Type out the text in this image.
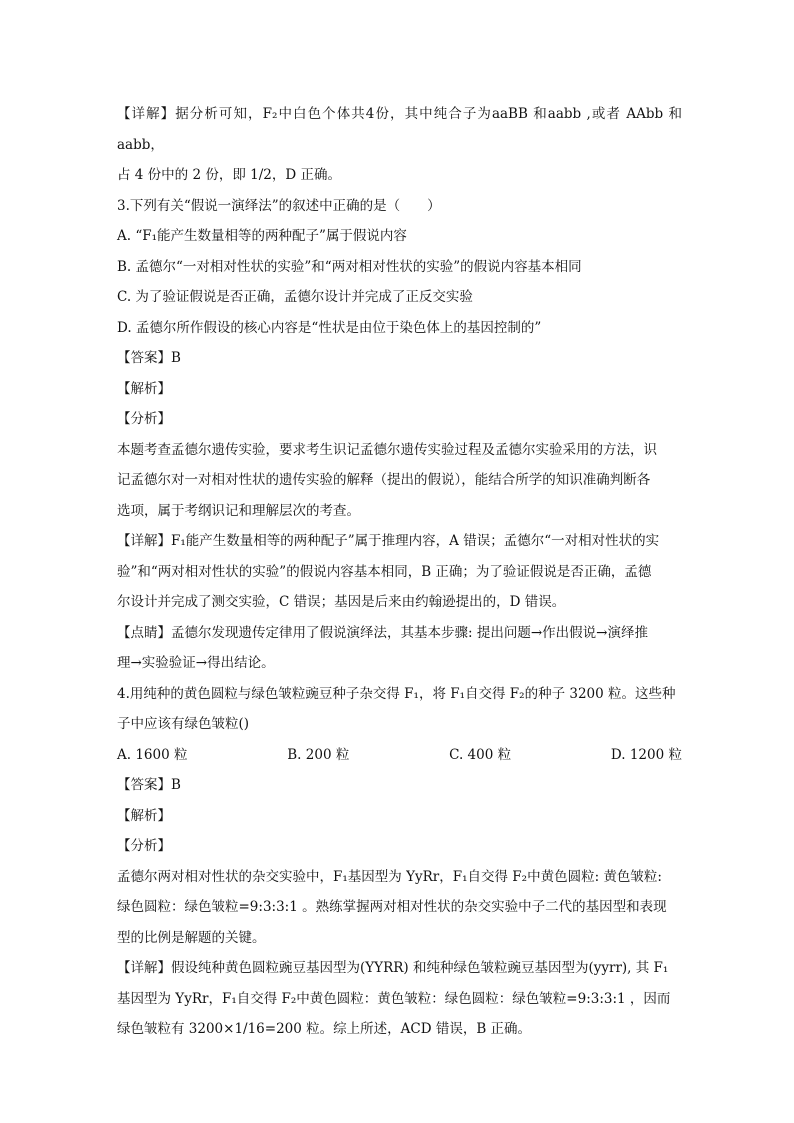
【详解】据分析可知，F₂中白色个体共4份，其中纯合子为aaBB 和aabb ,或者 AAbb 和aabb，

占 4 份中的 2 份，即 1/2，D 正确。

3.下列有关“假说一演绎法”的叙述中正确的是（　　）

A. “F₁能产生数量相等的两种配子”属于假说内容

B. 孟德尔“一对相对性状的实验”和“两对相对性状的实验”的假说内容基本相同

C. 为了验证假说是否正确，孟德尔设计并完成了正反交实验

D. 孟德尔所作假设的核心内容是“性状是由位于染色体上的基因控制的”

【答案】B

【解析】

【分析】

本题考查孟德尔遗传实验，要求考生识记孟德尔遗传实验过程及孟德尔实验采用的方法，识

记孟德尔对一对相对性状的遗传实验的解释（提出的假说），能结合所学的知识准确判断各

选项，属于考纲识记和理解层次的考查。

【详解】F₁能产生数量相等的两种配子”属于推理内容，A 错误；孟德尔“一对相对性状的实

验”和“两对相对性状的实验”的假说内容基本相同，B 正确；为了验证假说是否正确，孟德

尔设计并完成了测交实验，C 错误；基因是后来由约翰逊提出的，D 错误。

【点睛】孟德尔发现遗传定律用了假说演绎法，其基本步骤: 提出问题→作出假说→演绎推

理→实验验证→得出结论。

4.用纯种的黄色圆粒与绿色皱粒豌豆种子杂交得 F₁，将 F₁自交得 F₂的种子 3200 粒。这些种

子中应该有绿色皱粒()

A. 1600 粒	B. 200 粒	C. 400 粒	D. 1200 粒

【答案】B

【解析】

【分析】

孟德尔两对相对性状的杂交实验中，F₁基因型为 YyRr，F₁自交得 F₂中黄色圆粒: 黄色皱粒:

绿色圆粒：绿色皱粒=9:3:3:1 。熟练掌握两对相对性状的杂交实验中子二代的基因型和表现

型的比例是解题的关键。

【详解】假设纯种黄色圆粒豌豆基因型为(YYRR) 和纯种绿色皱粒豌豆基因型为(yyrr), 其 F₁

基因型为 YyRr，F₁自交得 F₂中黄色圆粒：黄色皱粒：绿色圆粒：绿色皱粒=9:3:3:1 ，因而

绿色皱粒有 3200×1/16=200 粒。综上所述，ACD 错误，B 正确。
